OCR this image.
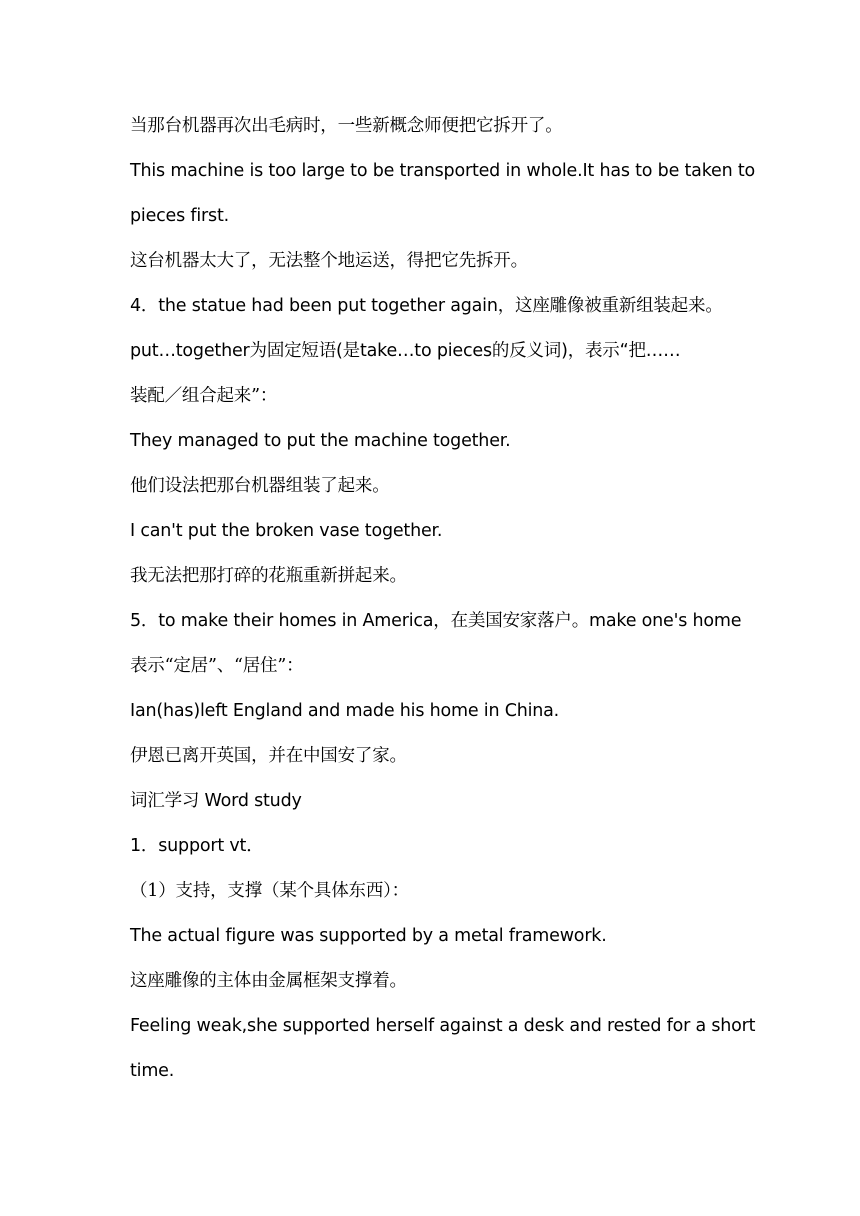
当那台机器再次出毛病时，一些新概念师便把它拆开了。
This machine is too large to be transported in whole.It has to be taken to
pieces first.
这台机器太大了，无法整个地运送，得把它先拆开。
4．the statue had been put together again，这座雕像被重新组装起来。
put…together为固定短语(是take…to pieces的反义词)，表示“把……
装配／组合起来”：
They managed to put the machine together.
他们设法把那台机器组装了起来。
I can't put the broken vase together.
我无法把那打碎的花瓶重新拼起来。
5．to make their homes in America，在美国安家落户。make one's home
表示“定居”、“居住”：
Ian(has)left England and made his home in China.
伊恩已离开英国，并在中国安了家。
词汇学习 Word study
1．support vt．
（1）支持，支撑（某个具体东西）：
The actual figure was supported by a metal framework.
这座雕像的主体由金属框架支撑着。
Feeling weak,she supported herself against a desk and rested for a short
time.
